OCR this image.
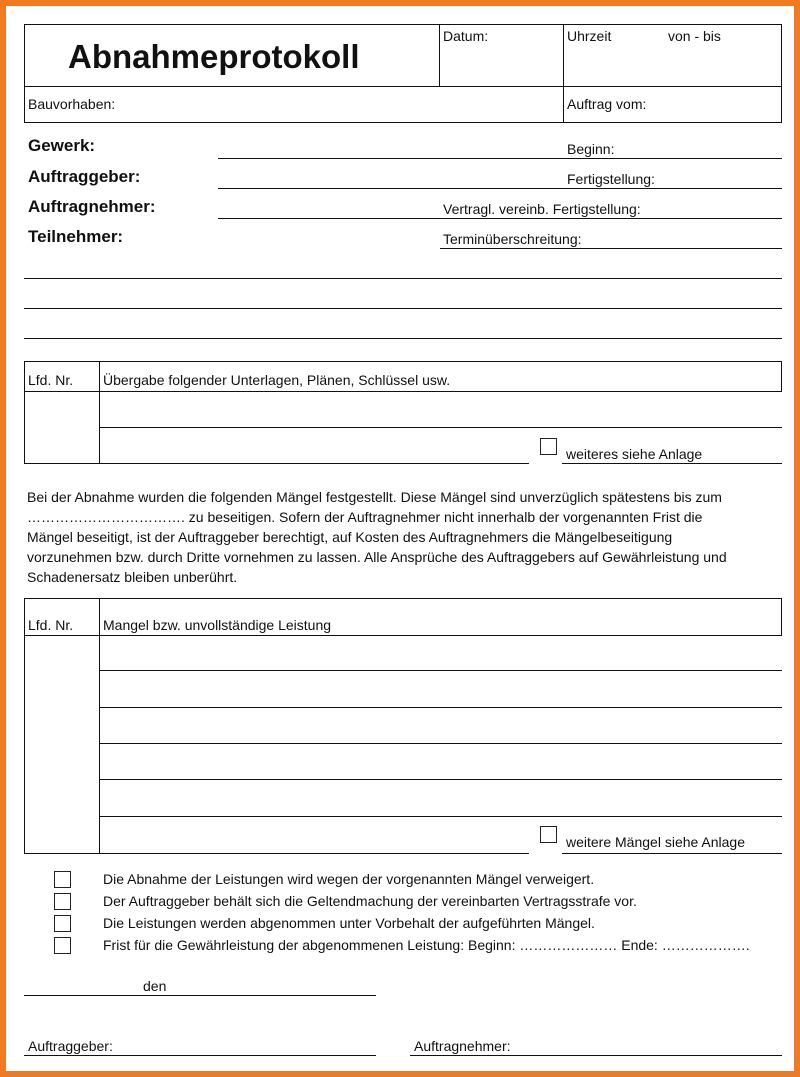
Abnahmeprotokoll
Datum:	Uhrzeit	von - bis
Bauvorhaben:	Auftrag vom:
Gewerk:
Auftraggeber:
Auftragnehmer:
Teilnehmer:
Beginn:
Fertigstellung:
Vertragl. vereinb. Fertigstellung:
Terminüberschreitung:
Lfd. Nr. Übergabe folgender Unterlagen, Plänen, Schlüssel usw.
weiteres siehe Anlage
Bei der Abnahme wurden die folgenden Mängel festgestellt. Diese Mängel sind unverzüglich spätestens bis zum
……………………………. zu beseitigen. Sofern der Auftragnehmer nicht innerhalb der vorgenannten Frist die
Mängel beseitigt, ist der Auftraggeber berechtigt, auf Kosten des Auftragnehmers die Mängelbeseitigung
vorzunehmen bzw. durch Dritte vornehmen zu lassen. Alle Ansprüche des Auftraggebers auf Gewährleistung und
Schadenersatz bleiben unberührt.
Lfd. Nr. Mangel bzw. unvollständige Leistung
weitere Mängel siehe Anlage
Die Abnahme der Leistungen wird wegen der vorgenannten Mängel verweigert.
Der Auftraggeber behält sich die Geltendmachung der vereinbarten Vertragsstrafe vor.
Die Leistungen werden abgenommen unter Vorbehalt der aufgeführten Mängel.
Frist für die Gewährleistung der abgenommenen Leistung: Beginn: ………………… Ende: ……………….
den
Auftraggeber:	Auftragnehmer:
